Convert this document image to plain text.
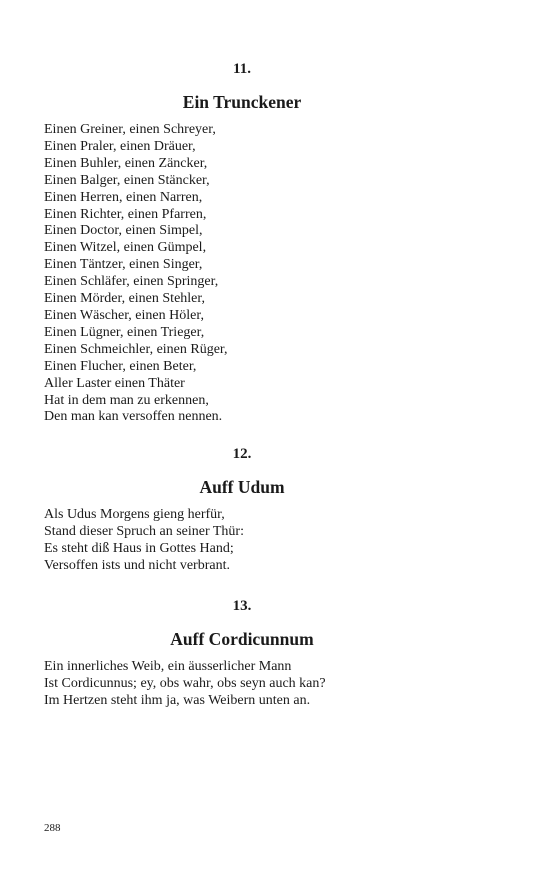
11.

Ein Trunckener
Einen Greiner, einen Schreyer,
Einen Praler, einen Dräuer,
Einen Buhler, einen Zäncker,
Einen Balger, einen Stäncker,
Einen Herren, einen Narren,
Einen Richter, einen Pfarren,
Einen Doctor, einen Simpel,
Einen Witzel, einen Gümpel,
Einen Täntzer, einen Singer,
Einen Schläfer, einen Springer,
Einen Mörder, einen Stehler,
Einen Wäscher, einen Höler,
Einen Lügner, einen Trieger,
Einen Schmeichler, einen Rüger,
Einen Flucher, einen Beter,
Aller Laster einen Thäter
Hat in dem man zu erkennen,
Den man kan versoffen nennen.

12.

Auff Udum
Als Udus Morgens gieng herfür,
Stand dieser Spruch an seiner Thür:
Es steht diß Haus in Gottes Hand;
Versoffen ists und nicht verbrant.

13.

Auff Cordicunnum
Ein innerliches Weib, ein äusserlicher Mann
Ist Cordicunnus; ey, obs wahr, obs seyn auch kan?
Im Hertzen steht ihm ja, was Weibern unten an.
288
